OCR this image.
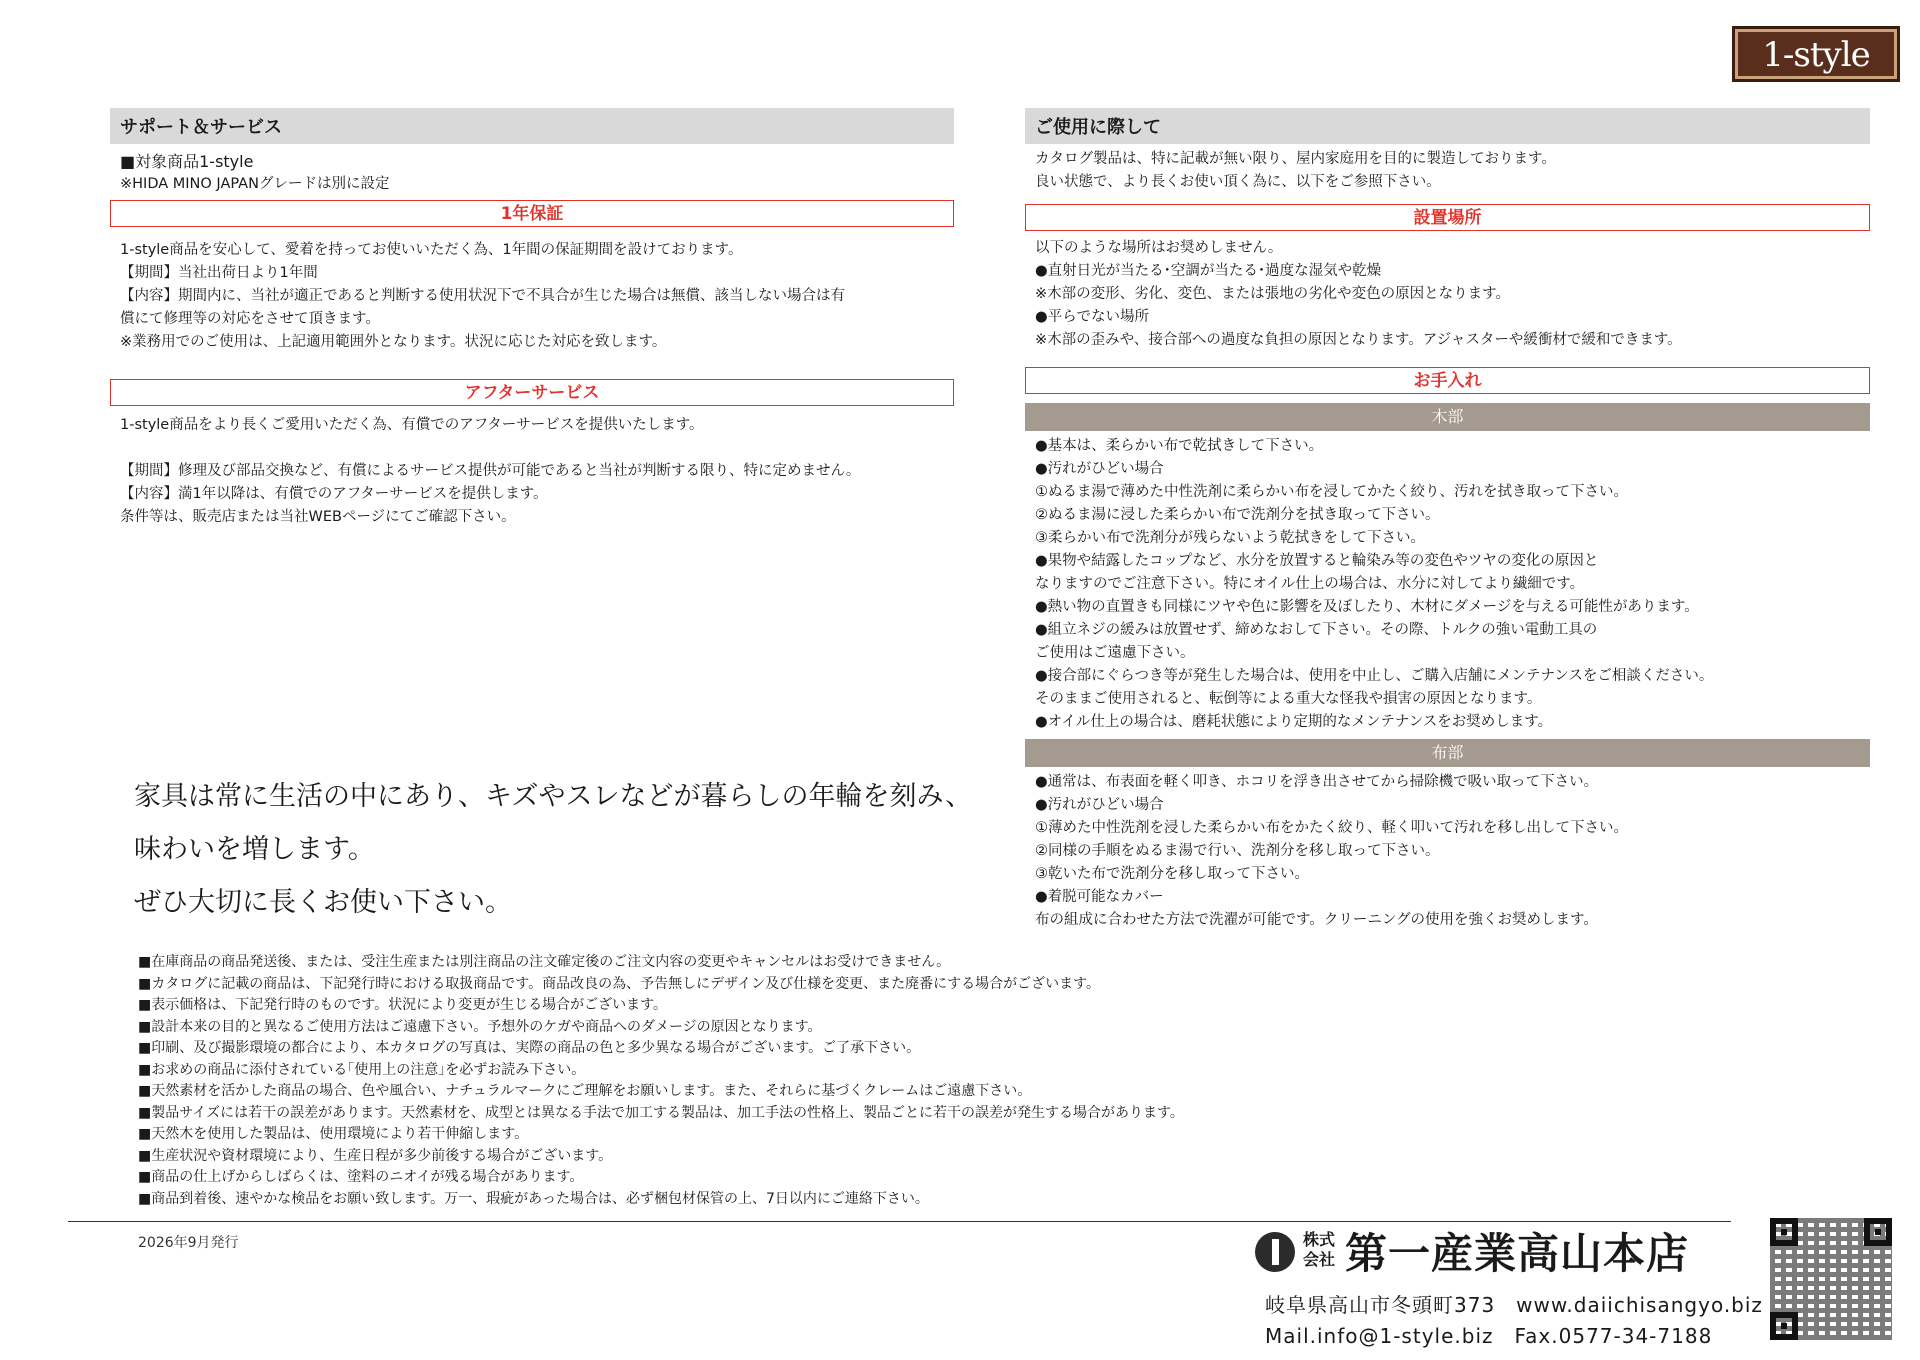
1-style
サポート＆サービス
■対象商品1-style
※HIDA MINO JAPANグレードは別に設定
1年保証
1-style商品を安心して、愛着を持ってお使いいただく為、1年間の保証期間を設けております。
【期間】当社出荷日より1年間
【内容】期間内に、当社が適正であると判断する使用状況下で不具合が生じた場合は無償、該当しない場合は有
償にて修理等の対応をさせて頂きます。
※業務用でのご使用は、上記適用範囲外となります。状況に応じた対応を致します。
アフターサービス
1-style商品をより長くご愛用いただく為、有償でのアフターサービスを提供いたします。
【期間】修理及び部品交換など、有償によるサービス提供が可能であると当社が判断する限り、特に定めません。
【内容】満1年以降は、有償でのアフターサービスを提供します。
条件等は、販売店または当社WEBページにてご確認下さい。
ご使用に際して
カタログ製品は、特に記載が無い限り、屋内家庭用を目的に製造しております。
良い状態で、より長くお使い頂く為に、以下をご参照下さい。
設置場所
以下のような場所はお奨めしません。
●直射日光が当たる･空調が当たる･過度な湿気や乾燥
※木部の変形、劣化、変色、または張地の劣化や変色の原因となります。
●平らでない場所
※木部の歪みや、接合部への過度な負担の原因となります。アジャスターや緩衝材で緩和できます。
お手入れ
木部
●基本は、柔らかい布で乾拭きして下さい。
●汚れがひどい場合
①ぬるま湯で薄めた中性洗剤に柔らかい布を浸してかたく絞り、汚れを拭き取って下さい。
②ぬるま湯に浸した柔らかい布で洗剤分を拭き取って下さい。
③柔らかい布で洗剤分が残らないよう乾拭きをして下さい。
●果物や結露したコップなど、水分を放置すると輪染み等の変色やツヤの変化の原因と
なりますのでご注意下さい。特にオイル仕上の場合は、水分に対してより繊細です。
●熱い物の直置きも同様にツヤや色に影響を及ぼしたり、木材にダメージを与える可能性があります。
●組立ネジの緩みは放置せず、締めなおして下さい。その際、トルクの強い電動工具の
ご使用はご遠慮下さい。
●接合部にぐらつき等が発生した場合は、使用を中止し、ご購入店舗にメンテナンスをご相談ください。
そのままご使用されると、転倒等による重大な怪我や損害の原因となります。
●オイル仕上の場合は、磨耗状態により定期的なメンテナンスをお奨めします。
布部
●通常は、布表面を軽く叩き、ホコリを浮き出させてから掃除機で吸い取って下さい。
●汚れがひどい場合
①薄めた中性洗剤を浸した柔らかい布をかたく絞り、軽く叩いて汚れを移し出して下さい。
②同様の手順をぬるま湯で行い、洗剤分を移し取って下さい。
③乾いた布で洗剤分を移し取って下さい。
●着脱可能なカバー
布の組成に合わせた方法で洗濯が可能です。クリーニングの使用を強くお奨めします。
家具は常に生活の中にあり、キズやスレなどが暮らしの年輪を刻み、
味わいを増します。
ぜひ大切に長くお使い下さい。
■在庫商品の商品発送後、または、受注生産または別注商品の注文確定後のご注文内容の変更やキャンセルはお受けできません。
■カタログに記載の商品は、下記発行時における取扱商品です。商品改良の為、予告無しにデザイン及び仕様を変更、また廃番にする場合がございます。
■表示価格は、下記発行時のものです。状況により変更が生じる場合がございます。
■設計本来の目的と異なるご使用方法はご遠慮下さい。予想外のケガや商品へのダメージの原因となります。
■印刷、及び撮影環境の都合により、本カタログの写真は、実際の商品の色と多少異なる場合がございます。ご了承下さい。
■お求めの商品に添付されている｢使用上の注意｣を必ずお読み下さい。
■天然素材を活かした商品の場合、色や風合い、ナチュラルマークにご理解をお願いします。また、それらに基づくクレームはご遠慮下さい。
■製品サイズには若干の誤差があります。天然素材を、成型とは異なる手法で加工する製品は、加工手法の性格上、製品ごとに若干の誤差が発生する場合があります。
■天然木を使用した製品は、使用環境により若干伸縮します。
■生産状況や資材環境により、生産日程が多少前後する場合がございます。
■商品の仕上げからしばらくは、塗料のニオイが残る場合があります。
■商品到着後、速やかな検品をお願い致します。万一、瑕疵があった場合は、必ず梱包材保管の上、7日以内にご連絡下さい。
2026年9月発行	株式会社 第一産業高山本店
岐阜県高山市冬頭町373　www.daiichisangyo.biz
Mail.info@1-style.biz　Fax.0577-34-7188
